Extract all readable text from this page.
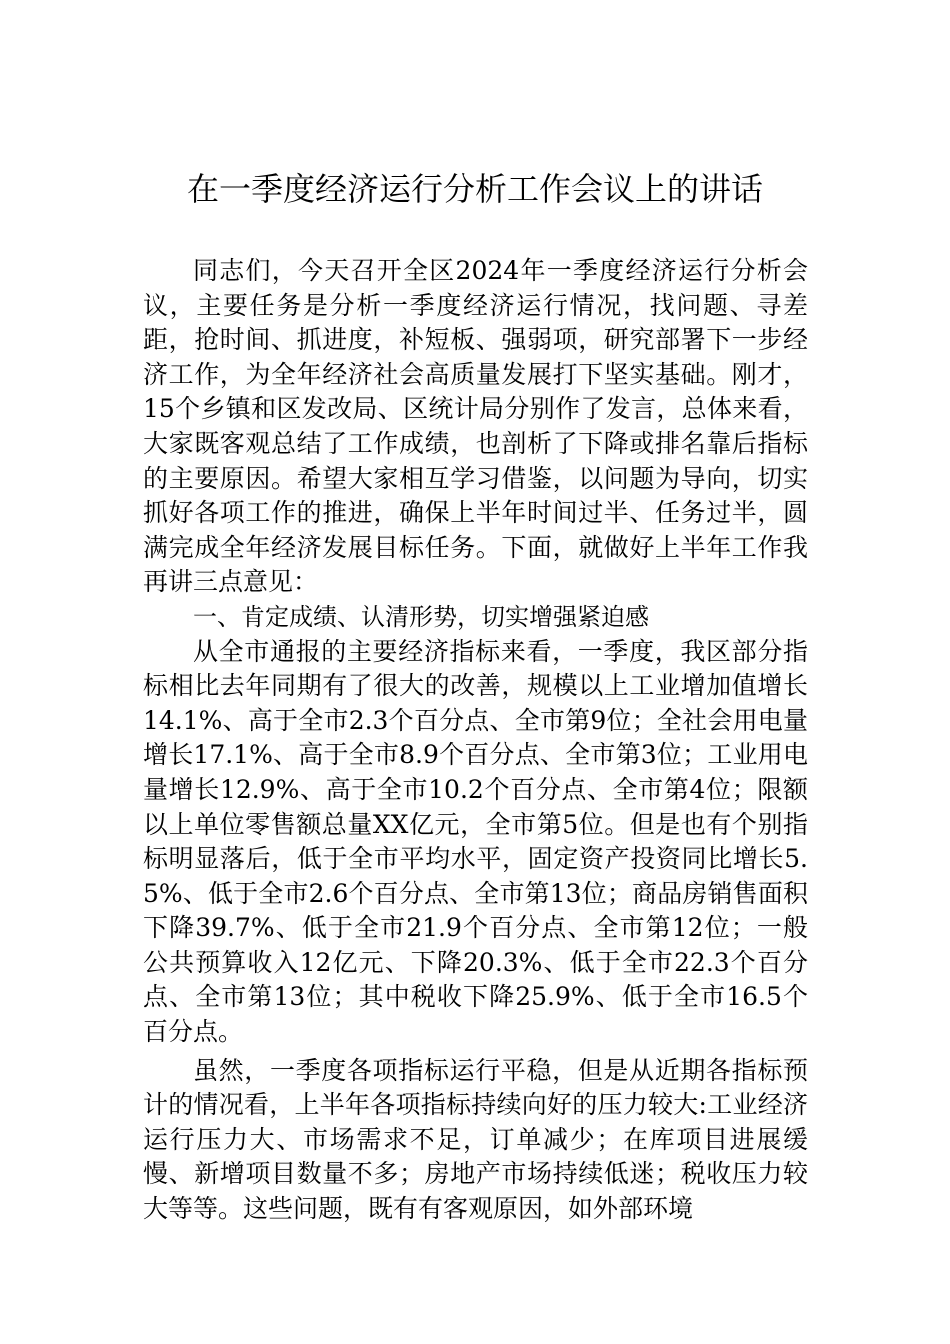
在一季度经济运行分析工作会议上的讲话

同志们，今天召开全区2024年一季度经济运行分析会议，主要任务是分析一季度经济运行情况，找问题、寻差距，抢时间、抓进度，补短板、强弱项，研究部署下一步经济工作，为全年经济社会高质量发展打下坚实基础。刚才，15个乡镇和区发改局、区统计局分别作了发言，总体来看，大家既客观总结了工作成绩，也剖析了下降或排名靠后指标的主要原因。希望大家相互学习借鉴，以问题为导向，切实抓好各项工作的推进，确保上半年时间过半、任务过半，圆满完成全年经济发展目标任务。下面，就做好上半年工作我再讲三点意见：

一、肯定成绩、认清形势，切实增强紧迫感

从全市通报的主要经济指标来看，一季度，我区部分指标相比去年同期有了很大的改善，规模以上工业增加值增长14.1%、高于全市2.3个百分点、全市第9位；全社会用电量增长17.1%、高于全市8.9个百分点、全市第3位；工业用电量增长12.9%、高于全市10.2个百分点、全市第4位；限额以上单位零售额总量XX亿元，全市第5位。但是也有个别指标明显落后，低于全市平均水平，固定资产投资同比增长5.5%、低于全市2.6个百分点、全市第13位；商品房销售面积下降39.7%、低于全市21.9个百分点、全市第12位；一般公共预算收入12亿元、下降20.3%、低于全市22.3个百分点、全市第13位；其中税收下降25.9%、低于全市16.5个百分点。

虽然，一季度各项指标运行平稳，但是从近期各指标预计的情况看，上半年各项指标持续向好的压力较大:工业经济运行压力大、市场需求不足，订单减少；在库项目进展缓慢、新增项目数量不多；房地产市场持续低迷；税收压力较大等等。这些问题，既有有客观原因，如外部环境
